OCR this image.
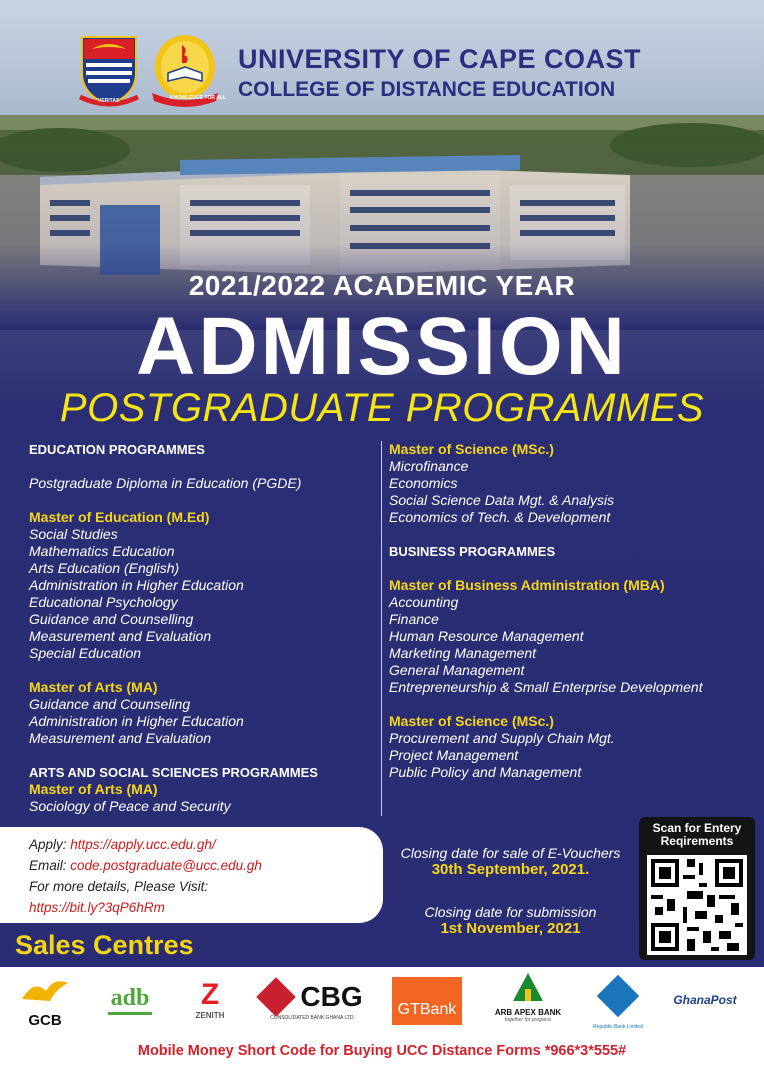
VERITAS	KNOWLEDGE FOR ALL
UNIVERSITY OF CAPE COAST
COLLEGE OF DISTANCE EDUCATION
2021/2022 ACADEMIC YEAR
ADMISSION
POSTGRADUATE PROGRAMMES
EDUCATION PROGRAMMES
Postgraduate Diploma in Education (PGDE)
Master of Education (M.Ed)
Social Studies
Mathematics Education
Arts Education (English)
Administration in Higher Education
Educational Psychology
Guidance and Counselling
Measurement and Evaluation
Special Education
Master of Arts (MA)
Guidance and Counseling
Administration in Higher Education
Measurement and Evaluation
ARTS AND SOCIAL SCIENCES PROGRAMMES
Master of Arts (MA)
Sociology of Peace and Security
Master of Science (MSc.)
Microfinance
Economics
Social Science Data Mgt. & Analysis
Economics of Tech. & Development
BUSINESS PROGRAMMES
Master of Business Administration (MBA)
Accounting
Finance
Human Resource Management
Marketing Management
General Management
Entrepreneurship & Small Enterprise Development
Master of Science (MSc.)
Procurement and Supply Chain Mgt.
Project Management
Public Policy and Management
Apply: https://apply.ucc.edu.gh/
Email: code.postgraduate@ucc.edu.gh
For more details, Please Visit:
https://bit.ly?3qP6hRm
Closing date for sale of E-Vouchers
30th September, 2021.
Closing date for submission
1st November, 2021
Scan for Entery
Reqirements
Sales Centres
GCB
adb	Z
ZENITH
CBG
CONSOLIDATED BANK GHANA LTD.	GTBank	ARB APEX BANK
together for progress
Republic Bank Limited
GhanaPost
Mobile Money Short Code for Buying UCC Distance Forms *966*3*555#
